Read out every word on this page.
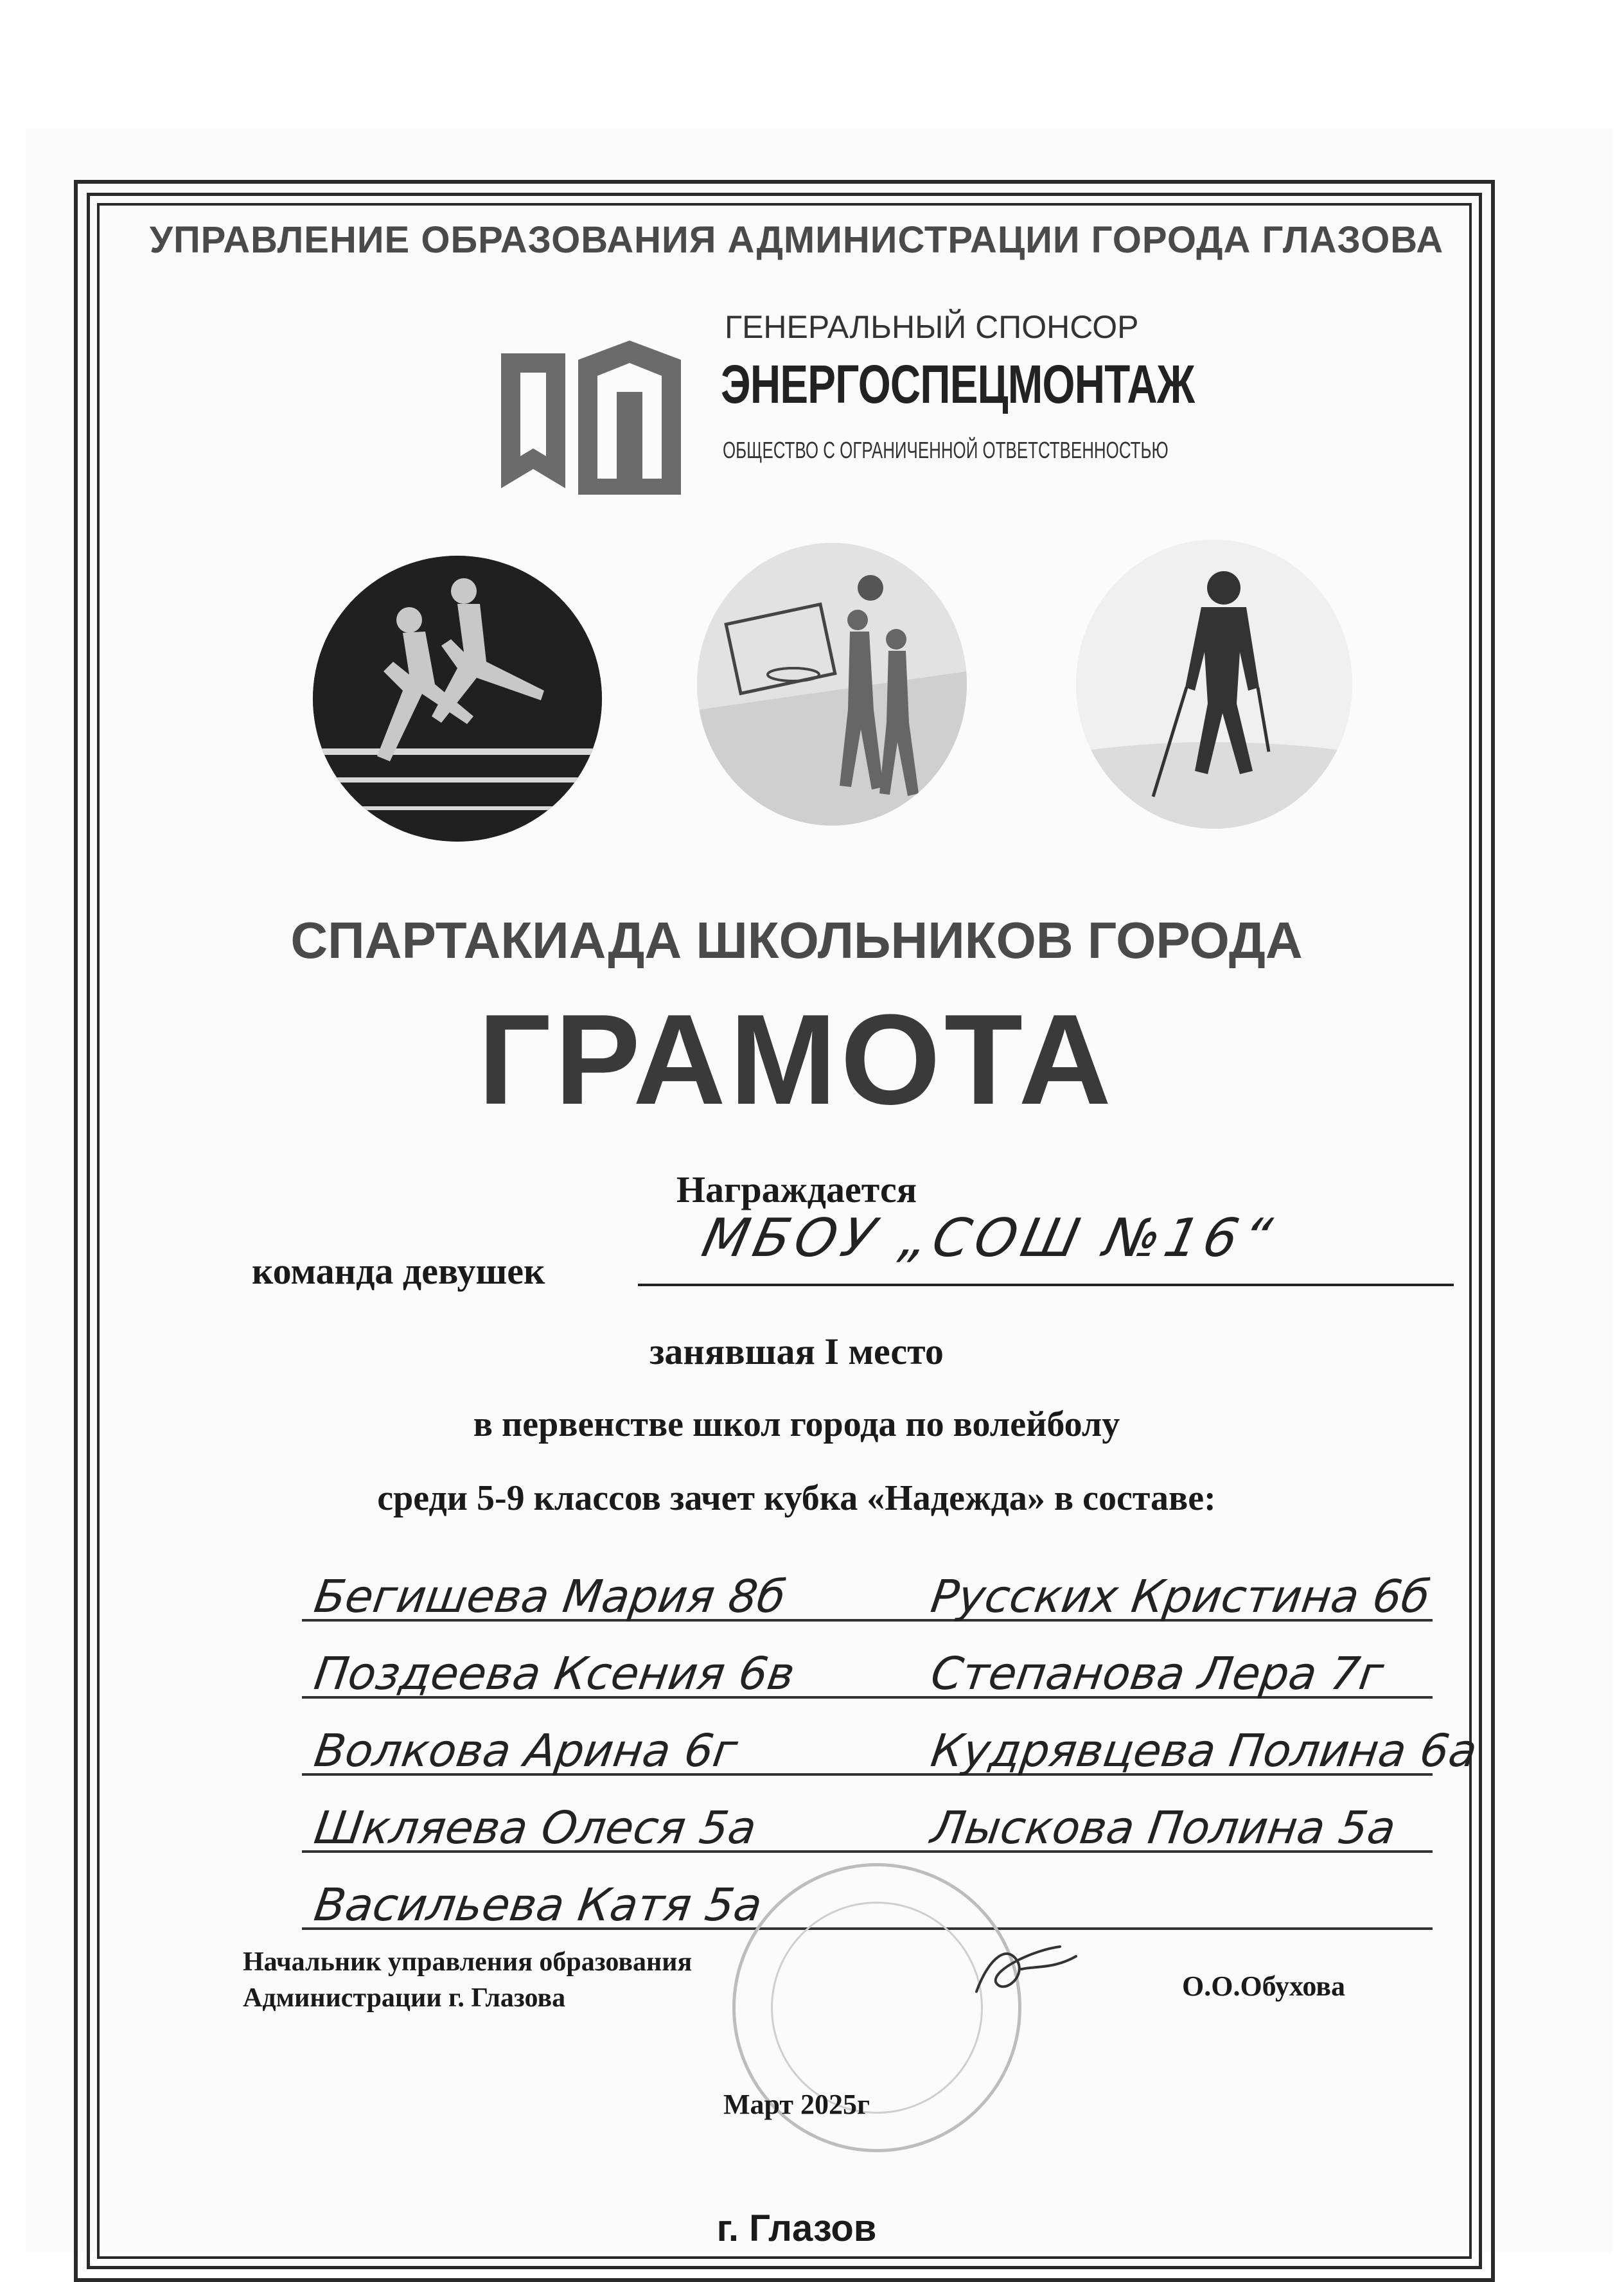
УПРАВЛЕНИЕ ОБРАЗОВАНИЯ АДМИНИСТРАЦИИ ГОРОДА ГЛАЗОВА
ГЕНЕРАЛЬНЫЙ СПОНСОР
ЭНЕРГОСПЕЦМОНТАЖ
ОБЩЕСТВО С ОГРАНИЧЕННОЙ ОТВЕТСТВЕННОСТЬЮ
СПАРТАКИАДА ШКОЛЬНИКОВ ГОРОДА
ГРАМОТА
Награждается
команда девушек
МБОУ „СОШ №16“
занявшая I место
в первенстве школ города по волейболу
среди 5-9 классов зачет кубка «Надежда» в составе:
Бегишева Мария 8б	Русских Кристина 6б
Поздеева Ксения 6в	Степанова Лера 7г
Волкова Арина 6г	Кудрявцева Полина 6а
Шкляева Олеся 5а	Лыскова Полина 5а
Васильева Катя 5а
Начальник управления образования
Администрации г. Глазова	О.О.Обухова
Март 2025г
г. Глазов
